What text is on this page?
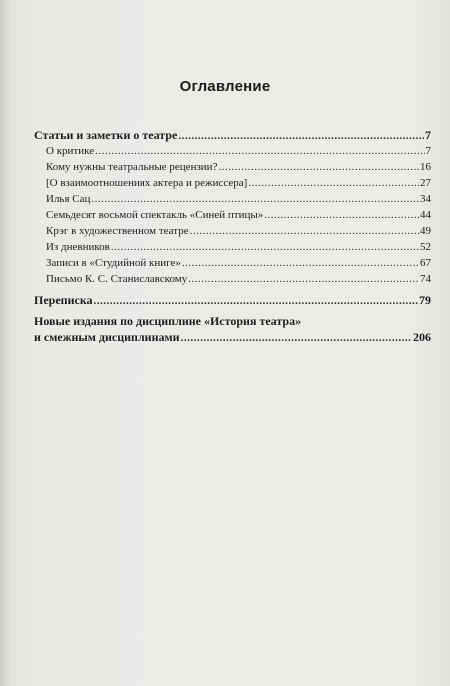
Оглавление
Статьи и заметки о театре .....	7
О критике .....	7
Кому нужны театральные рецензии? .....	16
[О взаимоотношениях актера и режиссера] .....	27
Илья Сац .....	34
Семьдесят восьмой спектакль «Синей птицы» .....	44
Крэг в художественном театре .....	49
Из дневников .....	52
Записи в «Студийной книге» .....	67
Письмо К. С. Станиславскому .....	74
Переписка .....	79
Новые издания по дисциплине «История театра»
и смежным дисциплинами .....	206
